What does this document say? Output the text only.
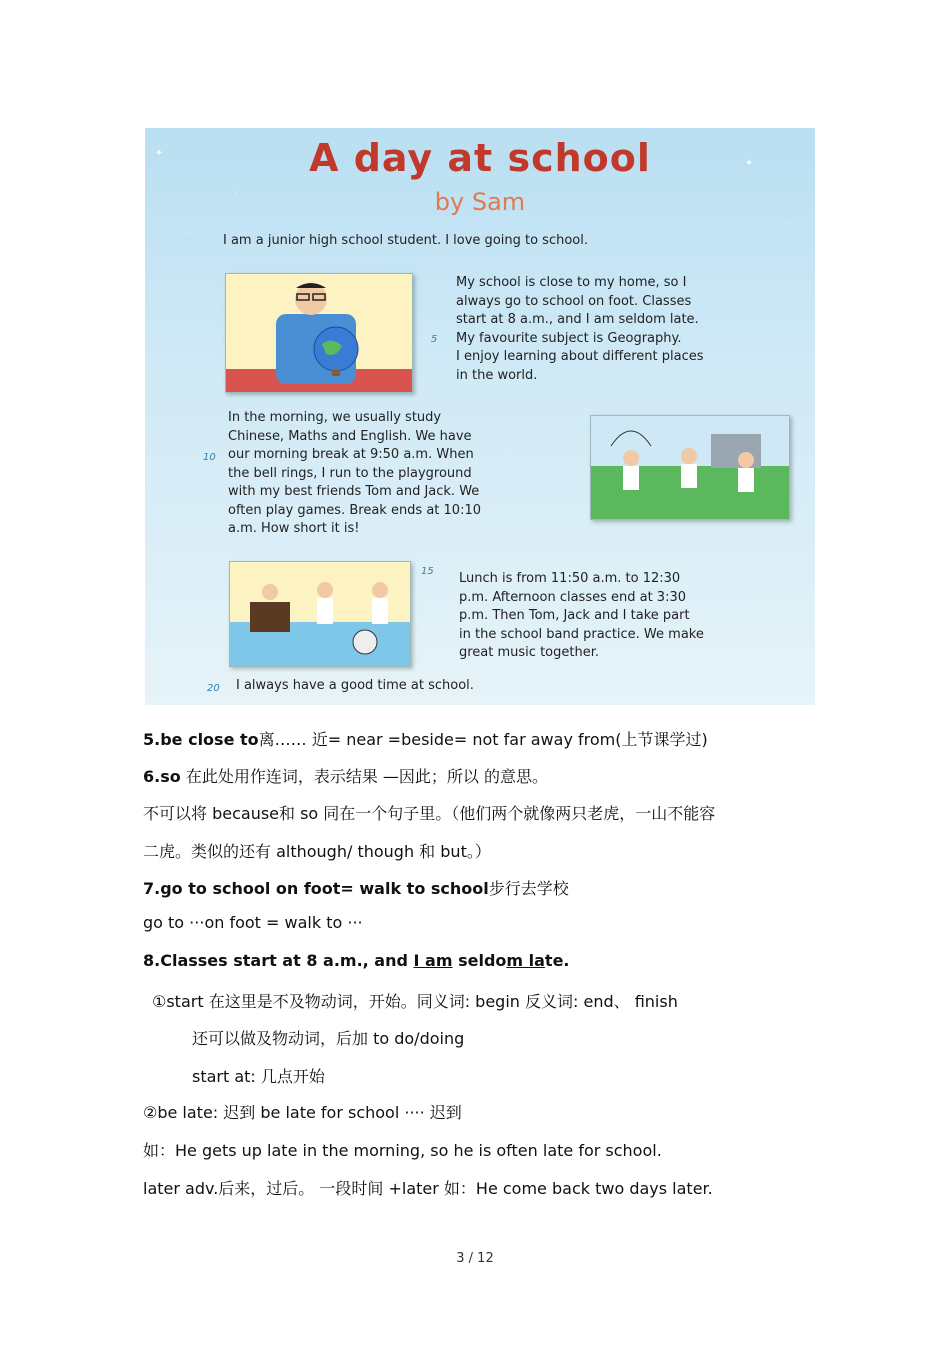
✦
·
✦
·
·
A day at school
by Sam
I am a junior high school student. I love going to school.
5
My school is close to my home, so I
always go to school on foot. Classes
start at 8 a.m., and I am seldom late.
My favourite subject is Geography.
I enjoy learning about different places
in the world.
In the morning, we usually study
Chinese, Maths and English. We have
our morning break at 9:50 a.m. When
the bell rings, I run to the playground
with my best friends Tom and Jack. We
often play games. Break ends at 10:10
a.m. How short it is!
10
15 Lunch is from 11:50 a.m. to 12:30
p.m. Afternoon classes end at 3:30
p.m. Then Tom, Jack and I take part
in the school band practice. We make
great music together.
20 I always have a good time at school.
5.be close to离…… 近= near =beside= not far away from(上节课学过)
6.so 在此处用作连词，表示结果 —因此；所以 的意思。
不可以将 because和 so 同在一个句子里。（他们两个就像两只老虎，一山不能容
二虎。类似的还有 although/ though 和 but。）
7.go to school on foot= walk to school步行去学校
go to ···on foot = walk to ···
8.Classes start at 8 a.m., and I am seldom late.
①start 在这里是不及物动词，开始。同义词: begin 反义词: end、 finish
还可以做及物动词，后加 to do/doing
start at: 几点开始
②be late: 迟到 be late for school ···· 迟到
如：He gets up late in the morning, so he is often late for school.
later adv.后来，过后。 一段时间 +later 如：He come back two days later.
3 / 12
